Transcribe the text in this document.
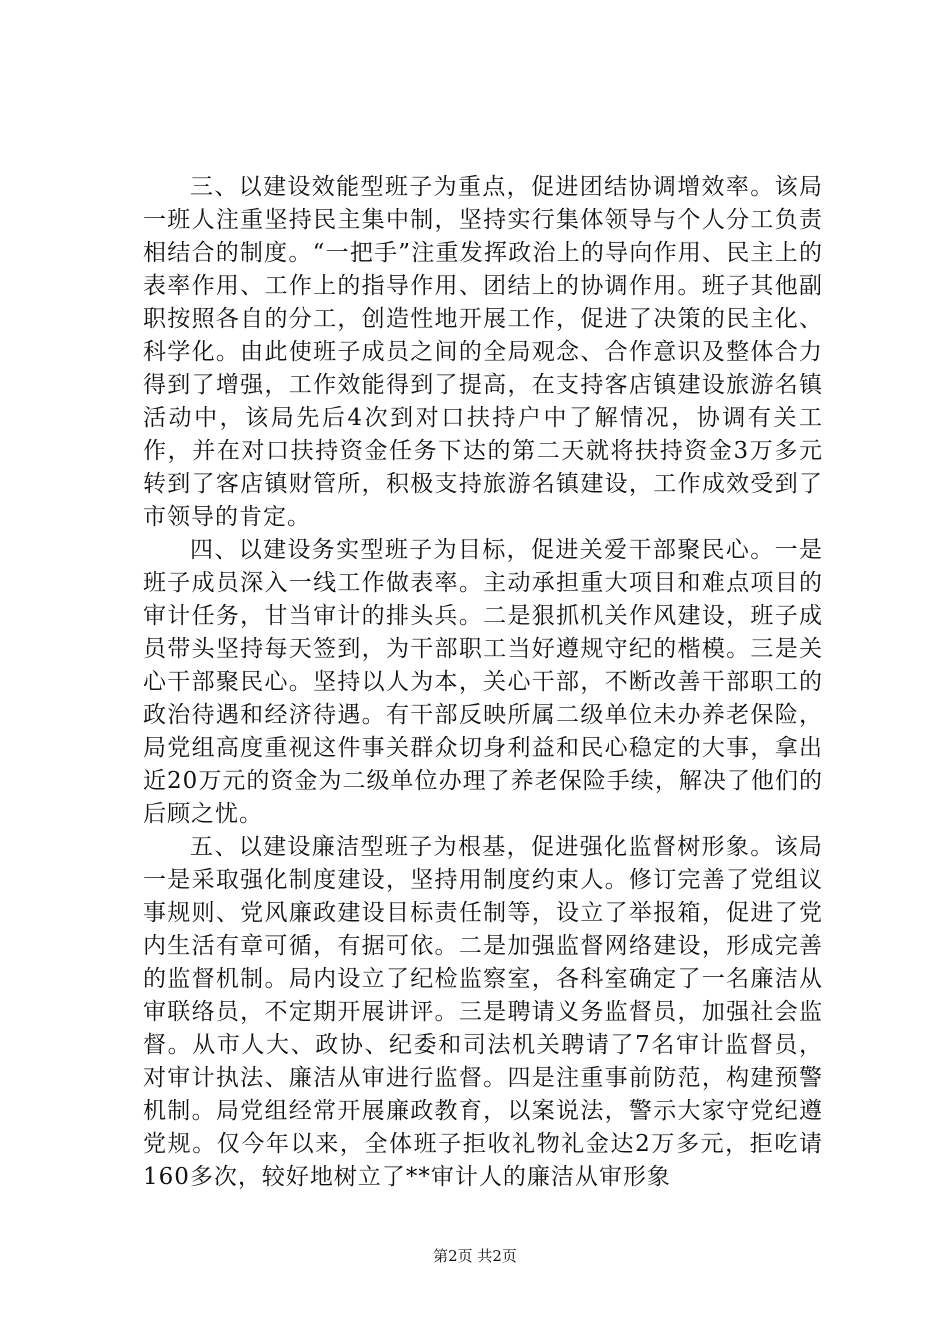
三、以建设效能型班子为重点，促进团结协调增效率。该局一班人注重坚持民主集中制，坚持实行集体领导与个人分工负责相结合的制度。“一把手”注重发挥政治上的导向作用、民主上的表率作用、工作上的指导作用、团结上的协调作用。班子其他副职按照各自的分工，创造性地开展工作，促进了决策的民主化、科学化。由此使班子成员之间的全局观念、合作意识及整体合力得到了增强，工作效能得到了提高，在支持客店镇建设旅游名镇活动中，该局先后4次到对口扶持户中了解情况，协调有关工作，并在对口扶持资金任务下达的第二天就将扶持资金3万多元转到了客店镇财管所，积极支持旅游名镇建设，工作成效受到了市领导的肯定。

四、以建设务实型班子为目标，促进关爱干部聚民心。一是班子成员深入一线工作做表率。主动承担重大项目和难点项目的审计任务，甘当审计的排头兵。二是狠抓机关作风建设，班子成员带头坚持每天签到，为干部职工当好遵规守纪的楷模。三是关心干部聚民心。坚持以人为本，关心干部，不断改善干部职工的政治待遇和经济待遇。有干部反映所属二级单位未办养老保险，局党组高度重视这件事关群众切身利益和民心稳定的大事，拿出近20万元的资金为二级单位办理了养老保险手续，解决了他们的后顾之忧。

五、以建设廉洁型班子为根基，促进强化监督树形象。该局一是采取强化制度建设，坚持用制度约束人。修订完善了党组议事规则、党风廉政建设目标责任制等，设立了举报箱，促进了党内生活有章可循，有据可依。二是加强监督网络建设，形成完善的监督机制。局内设立了纪检监察室，各科室确定了一名廉洁从审联络员，不定期开展讲评。三是聘请义务监督员，加强社会监督。从市人大、政协、纪委和司法机关聘请了7名审计监督员，对审计执法、廉洁从审进行监督。四是注重事前防范，构建预警机制。局党组经常开展廉政教育，以案说法，警示大家守党纪遵党规。仅今年以来，全体班子拒收礼物礼金达2万多元，拒吃请160多次，较好地树立了**审计人的廉洁从审形象

第2页 共2页
